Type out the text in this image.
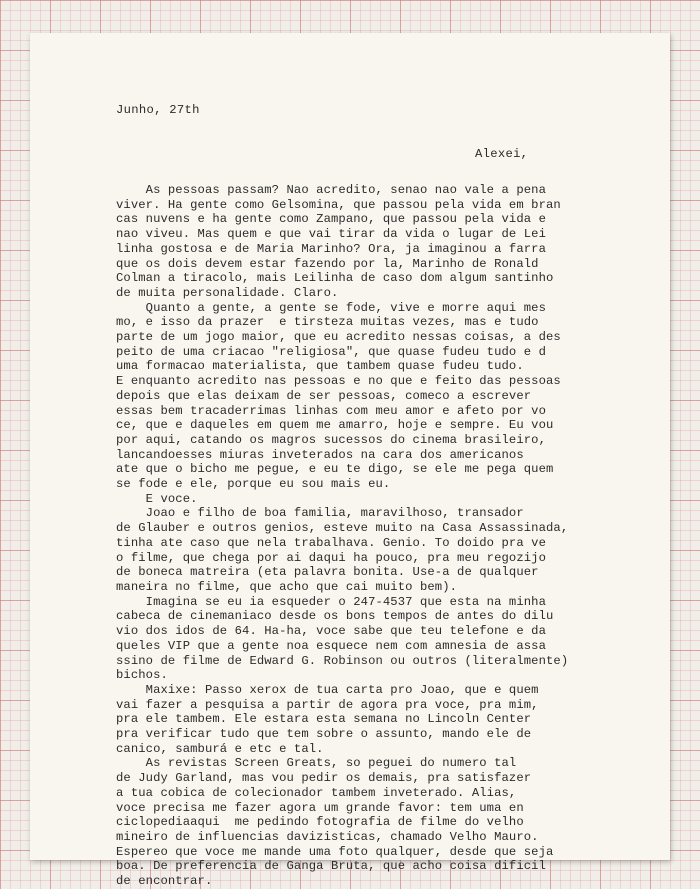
Junho, 27th
Alexei,
As pessoas passam? Nao acredito, senao nao vale a pena
viver. Ha gente como Gelsomina, que passou pela vida em bran
cas nuvens e ha gente como Zampano, que passou pela vida e
nao viveu. Mas quem e que vai tirar da vida o lugar de Lei
linha gostosa e de Maria Marinho? Ora, ja imaginou a farra
que os dois devem estar fazendo por la, Marinho de Ronald
Colman a tiracolo, mais Leilinha de caso dom algum santinho
de muita personalidade. Claro.
Quanto a gente, a gente se fode, vive e morre aqui mes
mo, e isso da prazer  e tirsteza muitas vezes, mas e tudo
parte de um jogo maior, que eu acredito nessas coisas, a des
peito de uma criacao "religiosa", que quase fudeu tudo e d
uma formacao materialista, que tambem quase fudeu tudo.
E enquanto acredito nas pessoas e no que e feito das pessoas
depois que elas deixam de ser pessoas, comeco a escrever
essas bem tracaderrimas linhas com meu amor e afeto por vo
ce, que e daqueles em quem me amarro, hoje e sempre. Eu vou
por aqui, catando os magros sucessos do cinema brasileiro,
lancandoesses miuras inveterados na cara dos americanos
ate que o bicho me pegue, e eu te digo, se ele me pega quem
se fode e ele, porque eu sou mais eu.
E voce.
Joao e filho de boa familia, maravilhoso, transador
de Glauber e outros genios, esteve muito na Casa Assassinada,
tinha ate caso que nela trabalhava. Genio. To doido pra ve
o filme, que chega por ai daqui ha pouco, pra meu regozijo
de boneca matreira (eta palavra bonita. Use-a de qualquer
maneira no filme, que acho que cai muito bem).
Imagina se eu ia esqueder o 247-4537 que esta na minha
cabeca de cinemaniaco desde os bons tempos de antes do dilu
vio dos idos de 64. Ha-ha, voce sabe que teu telefone e da
queles VIP que a gente noa esquece nem com amnesia de assa
ssino de filme de Edward G. Robinson ou outros (literalmente)
bichos.
Maxixe: Passo xerox de tua carta pro Joao, que e quem
vai fazer a pesquisa a partir de agora pra voce, pra mim,
pra ele tambem. Ele estara esta semana no Lincoln Center
pra verificar tudo que tem sobre o assunto, mando ele de
canico, samburá e etc e tal.
As revistas Screen Greats, so peguei do numero tal
de Judy Garland, mas vou pedir os demais, pra satisfazer
a tua cobica de colecionador tambem inveterado. Alias,
voce precisa me fazer agora um grande favor: tem uma en
ciclopediaaqui  me pedindo fotografia de filme do velho
mineiro de influencias davizisticas, chamado Velho Mauro.
Espereo que voce me mande uma foto qualquer, desde que seja
boa. De preferencia de Ganga Bruta, que acho coisa dificil
de encontrar.
